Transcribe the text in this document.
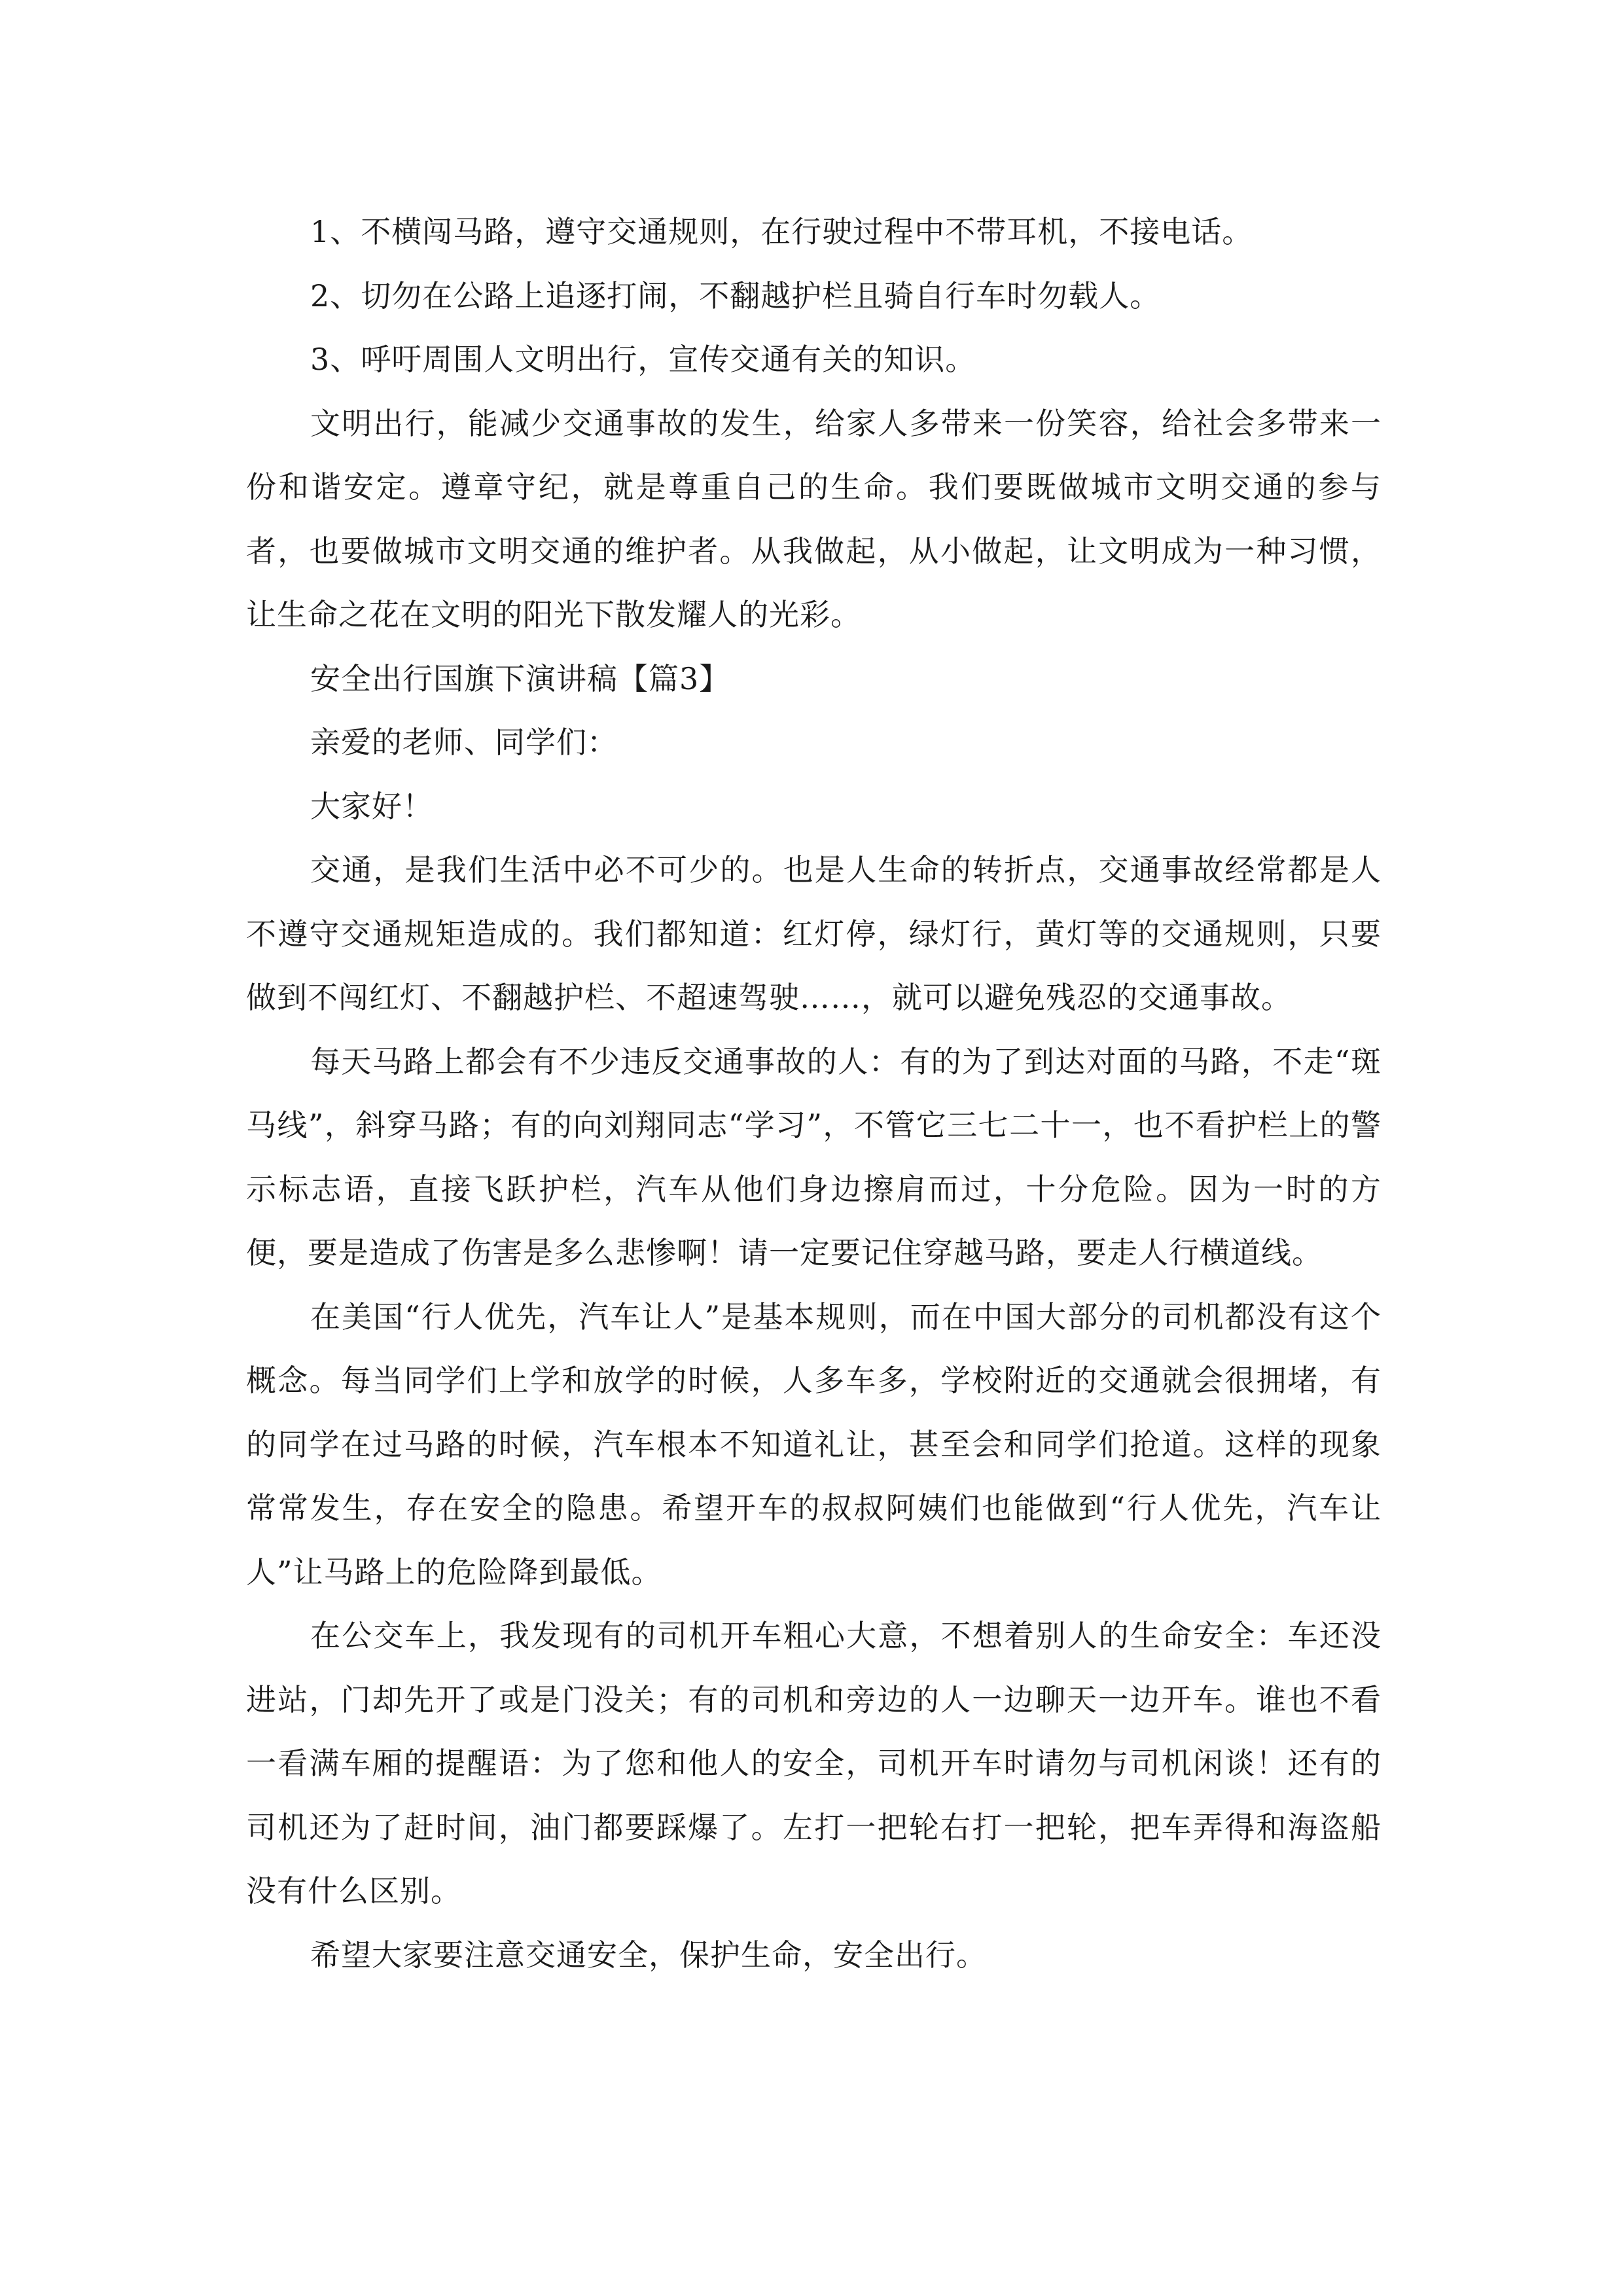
1、不横闯马路，遵守交通规则，在行驶过程中不带耳机，不接电话。

2、切勿在公路上追逐打闹，不翻越护栏且骑自行车时勿载人。

3、呼吁周围人文明出行，宣传交通有关的知识。

文明出行，能减少交通事故的发生，给家人多带来一份笑容，给社会多带来一份和谐安定。遵章守纪，就是尊重自己的生命。我们要既做城市文明交通的参与者，也要做城市文明交通的维护者。从我做起，从小做起，让文明成为一种习惯，让生命之花在文明的阳光下散发耀人的光彩。

安全出行国旗下演讲稿【篇3】

亲爱的老师、同学们：

大家好！

交通，是我们生活中必不可少的。也是人生命的转折点，交通事故经常都是人不遵守交通规矩造成的。我们都知道：红灯停，绿灯行，黄灯等的交通规则，只要做到不闯红灯、不翻越护栏、不超速驾驶……，就可以避免残忍的交通事故。

每天马路上都会有不少违反交通事故的人：有的为了到达对面的马路，不走“斑马线”，斜穿马路；有的向刘翔同志“学习”，不管它三七二十一，也不看护栏上的警示标志语，直接飞跃护栏，汽车从他们身边擦肩而过，十分危险。因为一时的方便，要是造成了伤害是多么悲惨啊！请一定要记住穿越马路，要走人行横道线。

在美国“行人优先，汽车让人”是基本规则，而在中国大部分的司机都没有这个概念。每当同学们上学和放学的时候，人多车多，学校附近的交通就会很拥堵，有的同学在过马路的时候，汽车根本不知道礼让，甚至会和同学们抢道。这样的现象常常发生，存在安全的隐患。希望开车的叔叔阿姨们也能做到“行人优先，汽车让人”让马路上的危险降到最低。

在公交车上，我发现有的司机开车粗心大意，不想着别人的生命安全：车还没进站，门却先开了或是门没关；有的司机和旁边的人一边聊天一边开车。谁也不看一看满车厢的提醒语：为了您和他人的安全，司机开车时请勿与司机闲谈！还有的司机还为了赶时间，油门都要踩爆了。左打一把轮右打一把轮，把车弄得和海盗船没有什么区别。

希望大家要注意交通安全，保护生命，安全出行。
